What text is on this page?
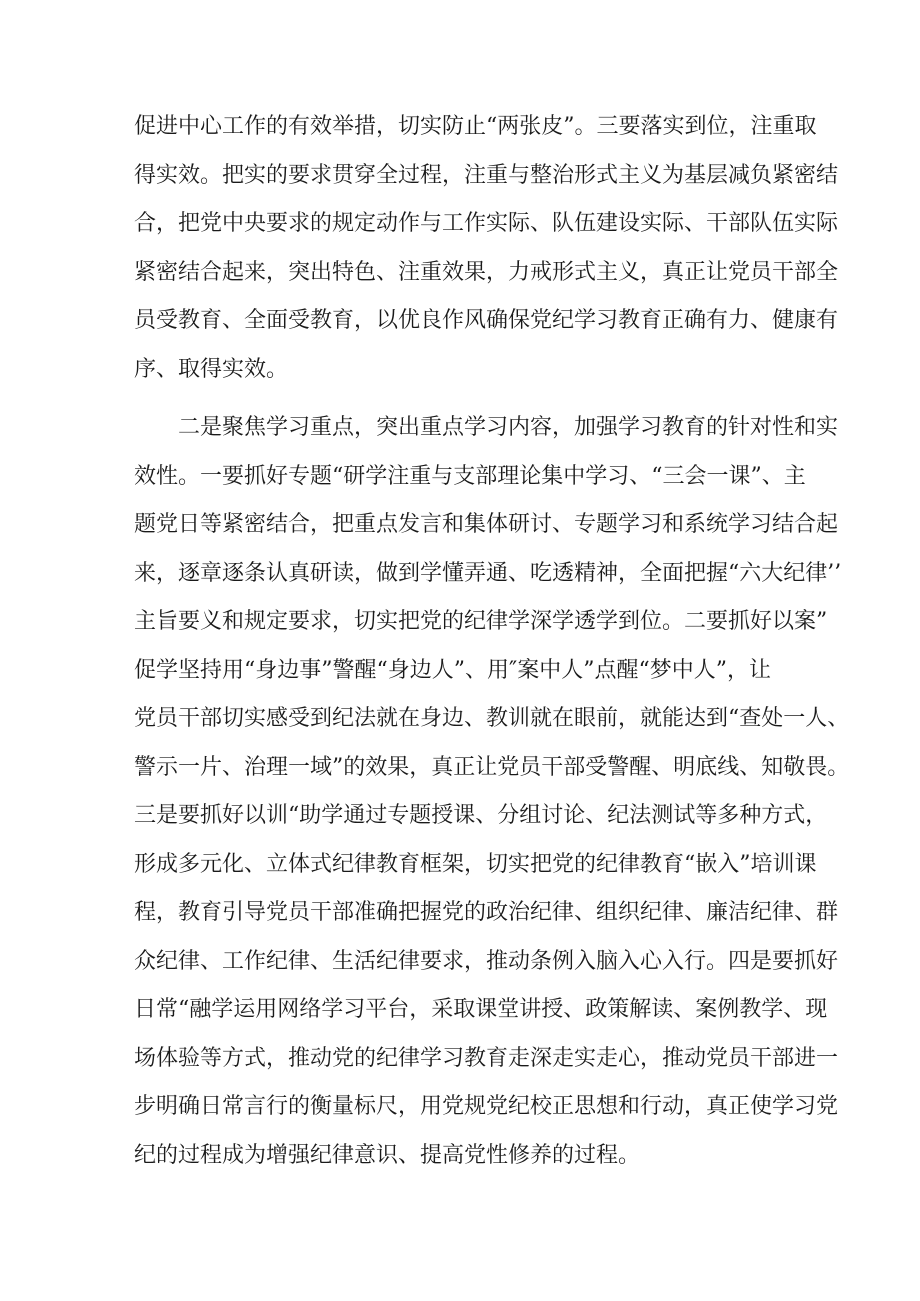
促进中心工作的有效举措，切实防止“两张皮”。三要落实到位，注重取
得实效。把实的要求贯穿全过程，注重与整治形式主义为基层减负紧密结
合，把党中央要求的规定动作与工作实际、队伍建设实际、干部队伍实际
紧密结合起来，突出特色、注重效果，力戒形式主义，真正让党员干部全
员受教育、全面受教育，以优良作风确保党纪学习教育正确有力、健康有
序、取得实效。
二是聚焦学习重点，突出重点学习内容，加强学习教育的针对性和实
效性。一要抓好专题“研学注重与支部理论集中学习、“三会一课”、主
题党日等紧密结合，把重点发言和集体研讨、专题学习和系统学习结合起
来，逐章逐条认真研读，做到学懂弄通、吃透精神，全面把握“六大纪律’’
主旨要义和规定要求，切实把党的纪律学深学透学到位。二要抓好以案”
促学坚持用“身边事”警醒“身边人”、用″案中人”点醒“梦中人”，让
党员干部切实感受到纪法就在身边、教训就在眼前，就能达到“查处一人、
警示一片、治理一域”的效果，真正让党员干部受警醒、明底线、知敬畏。
三是要抓好以训“助学通过专题授课、分组讨论、纪法测试等多种方式，
形成多元化、立体式纪律教育框架，切实把党的纪律教育“嵌入”培训课
程，教育引导党员干部准确把握党的政治纪律、组织纪律、廉洁纪律、群
众纪律、工作纪律、生活纪律要求，推动条例入脑入心入行。四是要抓好
日常“融学运用网络学习平台，采取课堂讲授、政策解读、案例教学、现
场体验等方式，推动党的纪律学习教育走深走实走心，推动党员干部进一
步明确日常言行的衡量标尺，用党规党纪校正思想和行动，真正使学习党
纪的过程成为增强纪律意识、提高党性修养的过程。
